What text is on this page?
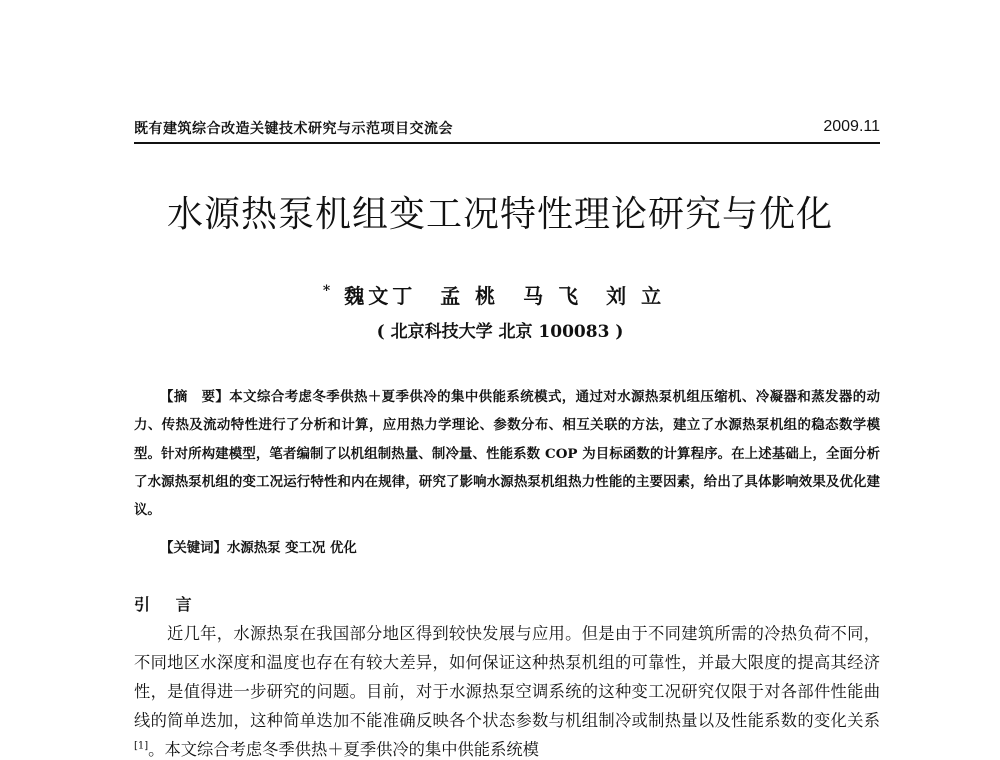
既有建筑综合改造关键技术研究与示范项目交流会	2009.11
水源热泵机组变工况特性理论研究与优化
* 魏文丁 孟 桃 马 飞 刘 立
( 北京科技大学 北京 100083 )
【摘　要】本文综合考虑冬季供热＋夏季供冷的集中供能系统模式，通过对水源热泵机组压缩机、冷凝器和蒸发器的动力、传热及流动特性进行了分析和计算，应用热力学理论、参数分布、相互关联的方法，建立了水源热泵机组的稳态数学模型。针对所构建模型，笔者编制了以机组制热量、制冷量、性能系数 COP 为目标函数的计算程序。在上述基础上，全面分析了水源热泵机组的变工况运行特性和内在规律，研究了影响水源热泵机组热力性能的主要因素，给出了具体影响效果及优化建议。
【关键词】水源热泵 变工况 优化
引 言
近几年，水源热泵在我国部分地区得到较快发展与应用。但是由于不同建筑所需的冷热负荷不同，不同地区水深度和温度也存在有较大差异，如何保证这种热泵机组的可靠性，并最大限度的提高其经济性，是值得进一步研究的问题。目前，对于水源热泵空调系统的这种变工况研究仅限于对各部件性能曲线的简单迭加，这种简单迭加不能准确反映各个状态参数与机组制冷或制热量以及性能系数的变化关系[1]。本文综合考虑冬季供热＋夏季供冷的集中供能系统模
